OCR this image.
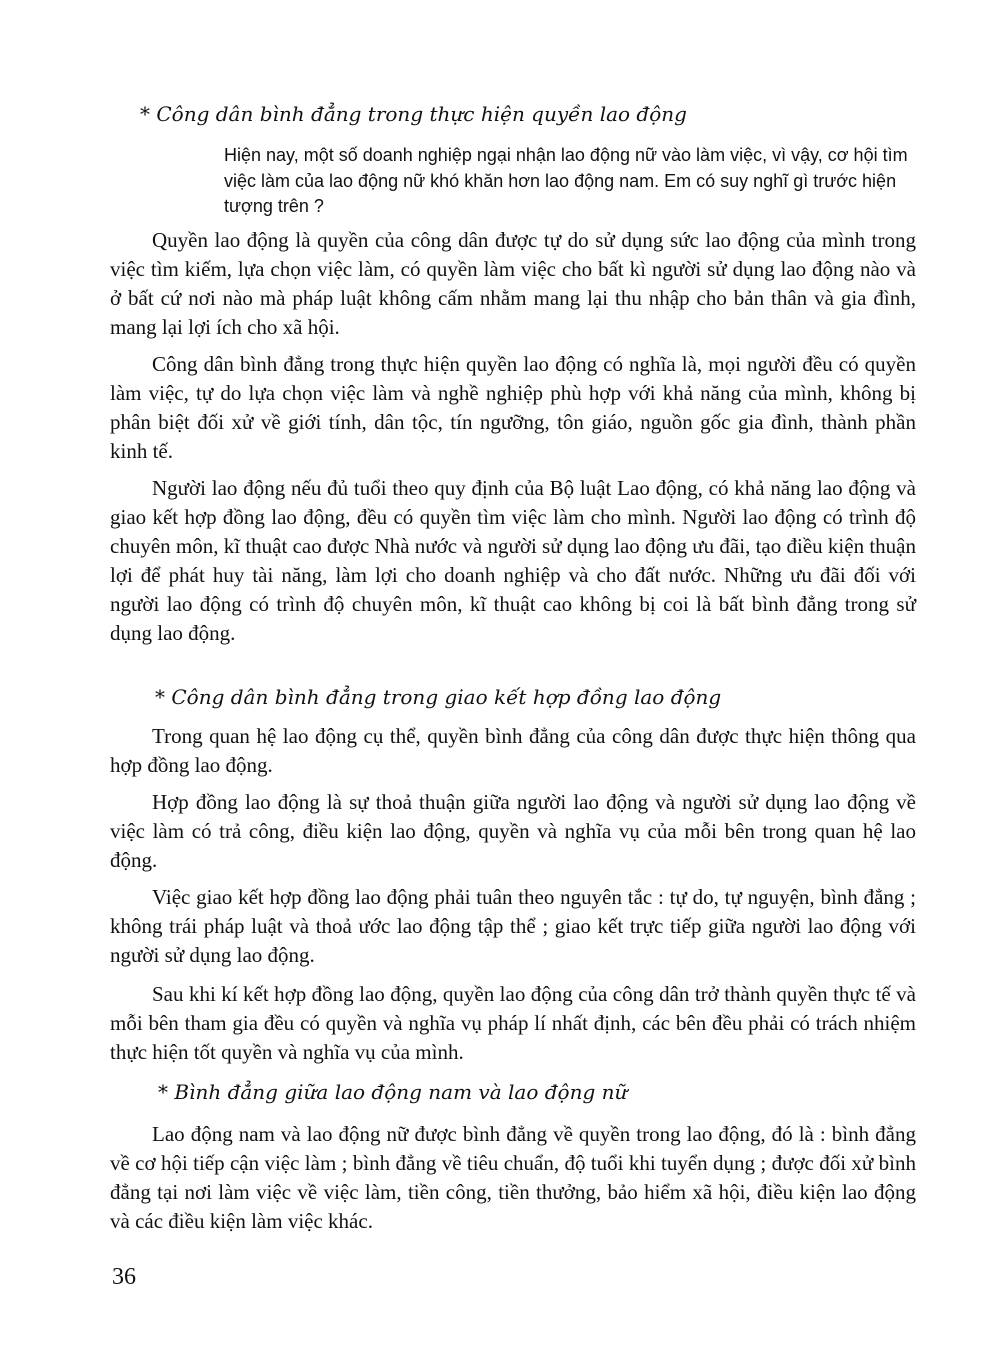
* Công dân bình đẳng trong thực hiện quyền lao động

Hiện nay, một số doanh nghiệp ngại nhận lao động nữ vào làm việc, vì vậy, cơ hội tìm việc làm của lao động nữ khó khăn hơn lao động nam. Em có suy nghĩ gì trước hiện tượng trên ?

Quyền lao động là quyền của công dân được tự do sử dụng sức lao động của mình trong việc tìm kiếm, lựa chọn việc làm, có quyền làm việc cho bất kì người sử dụng lao động nào và ở bất cứ nơi nào mà pháp luật không cấm nhằm mang lại thu nhập cho bản thân và gia đình, mang lại lợi ích cho xã hội.

Công dân bình đẳng trong thực hiện quyền lao động có nghĩa là, mọi người đều có quyền làm việc, tự do lựa chọn việc làm và nghề nghiệp phù hợp với khả năng của mình, không bị phân biệt đối xử về giới tính, dân tộc, tín ngưỡng, tôn giáo, nguồn gốc gia đình, thành phần kinh tế.

Người lao động nếu đủ tuổi theo quy định của Bộ luật Lao động, có khả năng lao động và giao kết hợp đồng lao động, đều có quyền tìm việc làm cho mình. Người lao động có trình độ chuyên môn, kĩ thuật cao được Nhà nước và người sử dụng lao động ưu đãi, tạo điều kiện thuận lợi để phát huy tài năng, làm lợi cho doanh nghiệp và cho đất nước. Những ưu đãi đối với người lao động có trình độ chuyên môn, kĩ thuật cao không bị coi là bất bình đẳng trong sử dụng lao động.

* Công dân bình đẳng trong giao kết hợp đồng lao động

Trong quan hệ lao động cụ thể, quyền bình đẳng của công dân được thực hiện thông qua hợp đồng lao động.

Hợp đồng lao động là sự thoả thuận giữa người lao động và người sử dụng lao động về việc làm có trả công, điều kiện lao động, quyền và nghĩa vụ của mỗi bên trong quan hệ lao động.

Việc giao kết hợp đồng lao động phải tuân theo nguyên tắc : tự do, tự nguyện, bình đẳng ; không trái pháp luật và thoả ước lao động tập thể ; giao kết trực tiếp giữa người lao động với người sử dụng lao động.

Sau khi kí kết hợp đồng lao động, quyền lao động của công dân trở thành quyền thực tế và mỗi bên tham gia đều có quyền và nghĩa vụ pháp lí nhất định, các bên đều phải có trách nhiệm thực hiện tốt quyền và nghĩa vụ của mình.

* Bình đẳng giữa lao động nam và lao động nữ

Lao động nam và lao động nữ được bình đẳng về quyền trong lao động, đó là : bình đẳng về cơ hội tiếp cận việc làm ; bình đẳng về tiêu chuẩn, độ tuổi khi tuyển dụng ; được đối xử bình đẳng tại nơi làm việc về việc làm, tiền công, tiền thưởng, bảo hiểm xã hội, điều kiện lao động và các điều kiện làm việc khác.

36
